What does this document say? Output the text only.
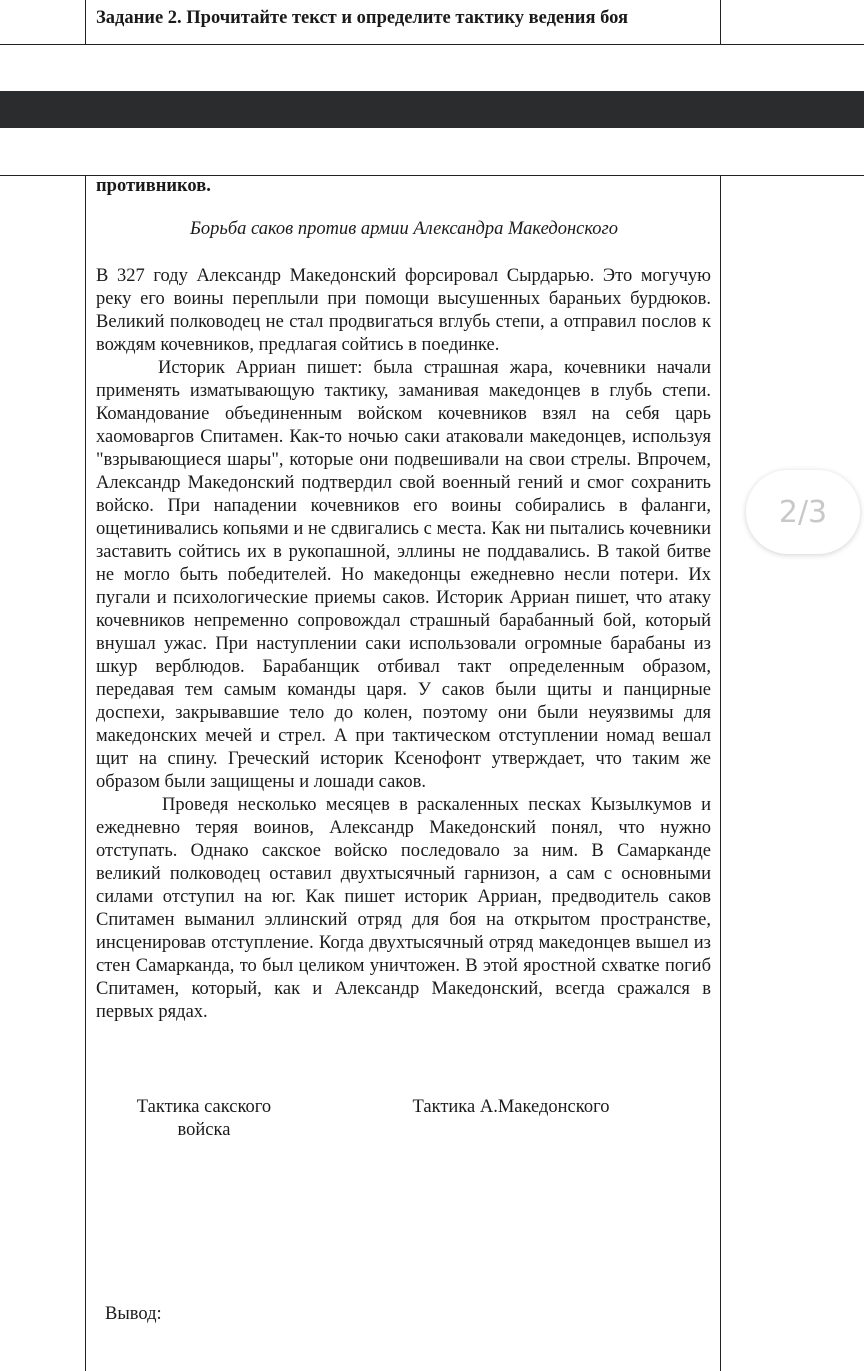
Задание 2. Прочитайте текст и определите тактику ведения боя
противников.
Борьба саков против армии Александра Македонского

В 327 году Александр Македонский форсировал Сырдарью. Это могучую реку его воины переплыли при помощи высушенных бараньих бурдюков. Великий полководец не стал продвигаться вглубь степи, а отправил послов к вождям кочевников, предлагая сойтись в поединке.

Историк Арриан пишет: была страшная жара, кочевники начали применять изматывающую тактику, заманивая македонцев в глубь степи. Командование объединенным войском кочевников взял на себя царь хаомоваргов Спитамен. Как-то ночью саки атаковали македонцев, используя "взрывающиеся шары", которые они подвешивали на свои стрелы. Впрочем, Александр Македонский подтвердил свой военный гений и смог сохранить войско. При нападении кочевников его воины собирались в фаланги, ощетинивались копьями и не сдвигались с места. Как ни пытались кочевники заставить сойтись их в рукопашной, эллины не поддавались. В такой битве не могло быть победителей. Но македонцы ежедневно несли потери. Их пугали и психологические приемы саков. Историк Арриан пишет, что атаку кочевников непременно сопровождал страшный барабанный бой, который внушал ужас. При наступлении саки использовали огромные барабаны из шкур верблюдов. Барабанщик отбивал такт определенным образом, передавая тем самым команды царя. У саков были щиты и панцирные доспехи, закрывавшие тело до колен, поэтому они были неуязвимы для македонских мечей и стрел. А при тактическом отступлении номад вешал щит на спину. Греческий историк Ксенофонт утверждает, что таким же образом были защищены и лошади саков.

Проведя несколько месяцев в раскаленных песках Кызылкумов и ежедневно теряя воинов, Александр Македонский понял, что нужно отступать. Однако сакское войско последовало за ним. В Самарканде великий полководец оставил двухтысячный гарнизон, а сам с основными силами отступил на юг. Как пишет историк Арриан, предводитель саков Спитамен выманил эллинский отряд для боя на открытом пространстве, инсценировав отступление. Когда двухтысячный отряд македонцев вышел из стен Самарканда, то был целиком уничтожен. В этой яростной схватке погиб Спитамен, который, как и Александр Македонский, всегда сражался в первых рядах.

Тактика сакского войска
Тактика А.Македонского
Вывод:
2/3
